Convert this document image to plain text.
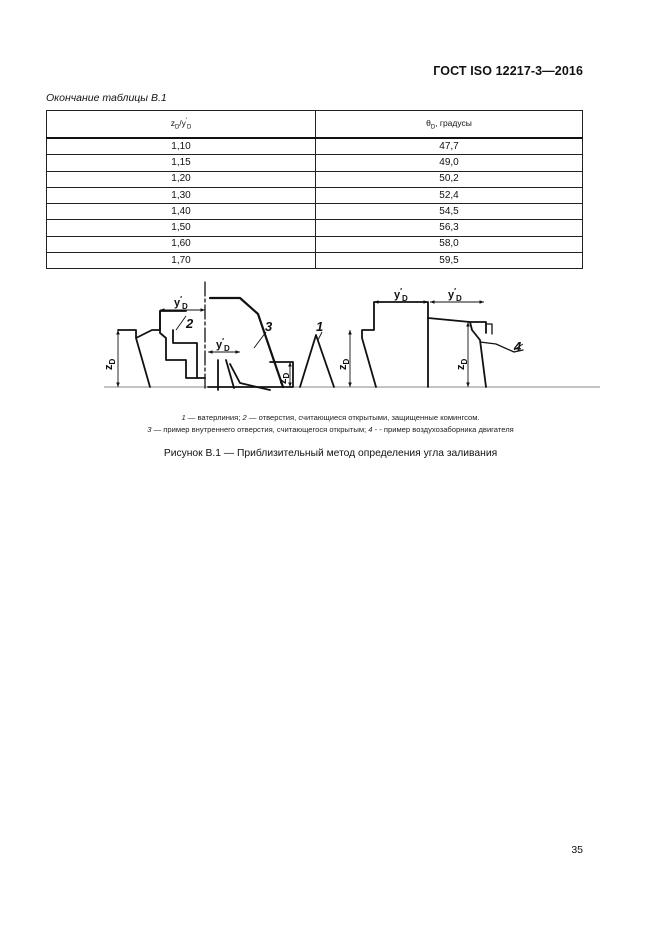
ГОСТ ISO 12217-3—2016
Окончание таблицы В.1
$z_D/y'_D$	$\theta_D$, градусы
1,10	47,7
1,15	49,0
1,20	50,2
1,30	52,4
1,40	54,5
1,50	56,3
1,60	58,0
1,70	59,5
2	3	1
4
$y'_D$
$y'_D$
$y'_D$	$y'_D$
$z_D$
$z_D$
$z_D$
$z_D$
1 — ватерлиния; 2 — отверстия, считающиеся открытыми, защищенные комингсом.
3 — пример внутреннего отверстия, считающегося открытым; 4 - - пример воздухозаборника двигателя
Рисунок В.1 — Приблизительный метод определения угла заливания
35
